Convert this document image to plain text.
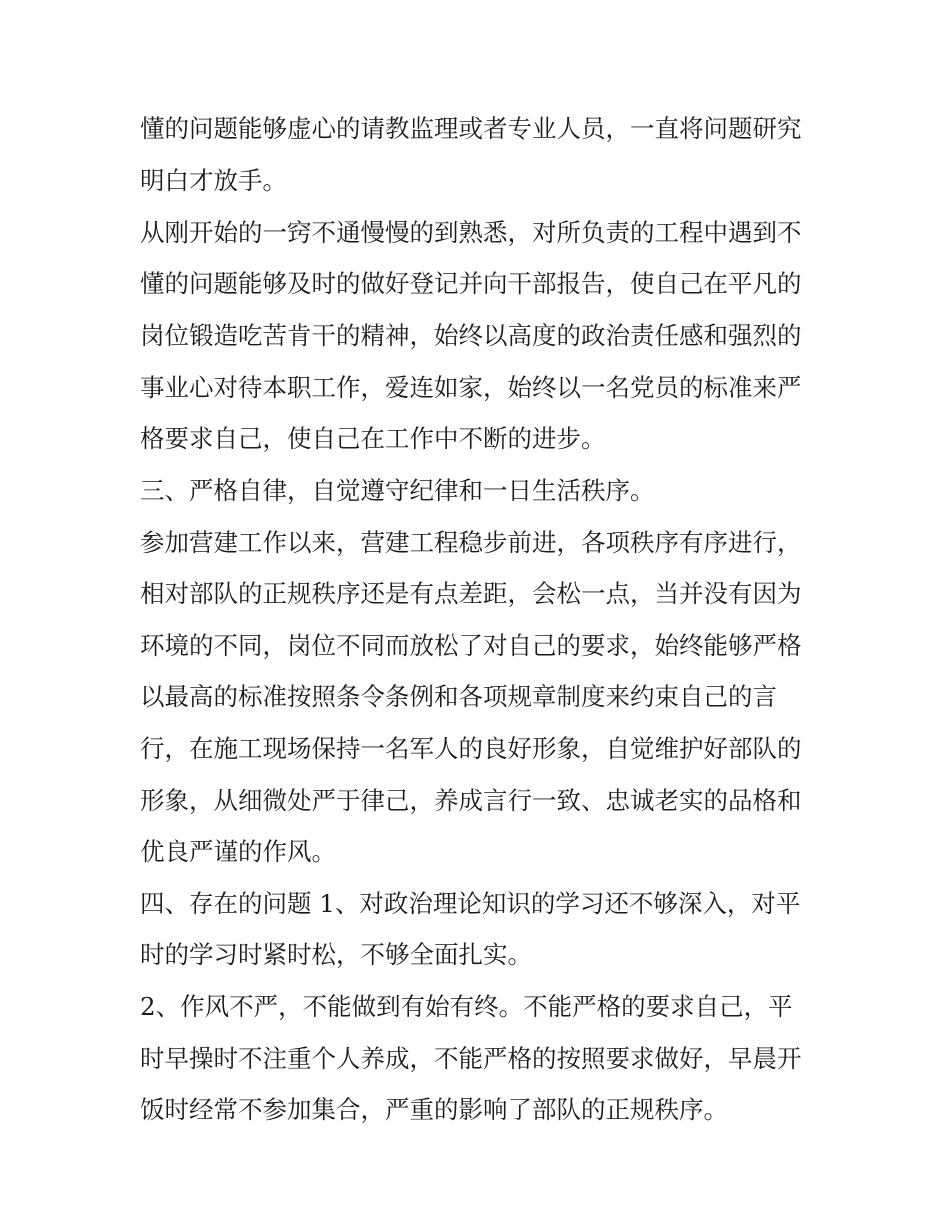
懂的问题能够虚心的请教监理或者专业人员，一直将问题研究
明白才放手。
从刚开始的一窍不通慢慢的到熟悉，对所负责的工程中遇到不
懂的问题能够及时的做好登记并向干部报告，使自己在平凡的
岗位锻造吃苦肯干的精神，始终以高度的政治责任感和强烈的
事业心对待本职工作，爱连如家，始终以一名党员的标准来严
格要求自己，使自己在工作中不断的进步。
三、严格自律，自觉遵守纪律和一日生活秩序。
参加营建工作以来，营建工程稳步前进，各项秩序有序进行，
相对部队的正规秩序还是有点差距，会松一点，当并没有因为
环境的不同，岗位不同而放松了对自己的要求，始终能够严格
以最高的标准按照条令条例和各项规章制度来约束自己的言
行，在施工现场保持一名军人的良好形象，自觉维护好部队的
形象，从细微处严于律己，养成言行一致、忠诚老实的品格和
优良严谨的作风。
四、存在的问题 1、对政治理论知识的学习还不够深入，对平
时的学习时紧时松，不够全面扎实。
2、作风不严，不能做到有始有终。不能严格的要求自己，平
时早操时不注重个人养成，不能严格的按照要求做好，早晨开
饭时经常不参加集合，严重的影响了部队的正规秩序。
